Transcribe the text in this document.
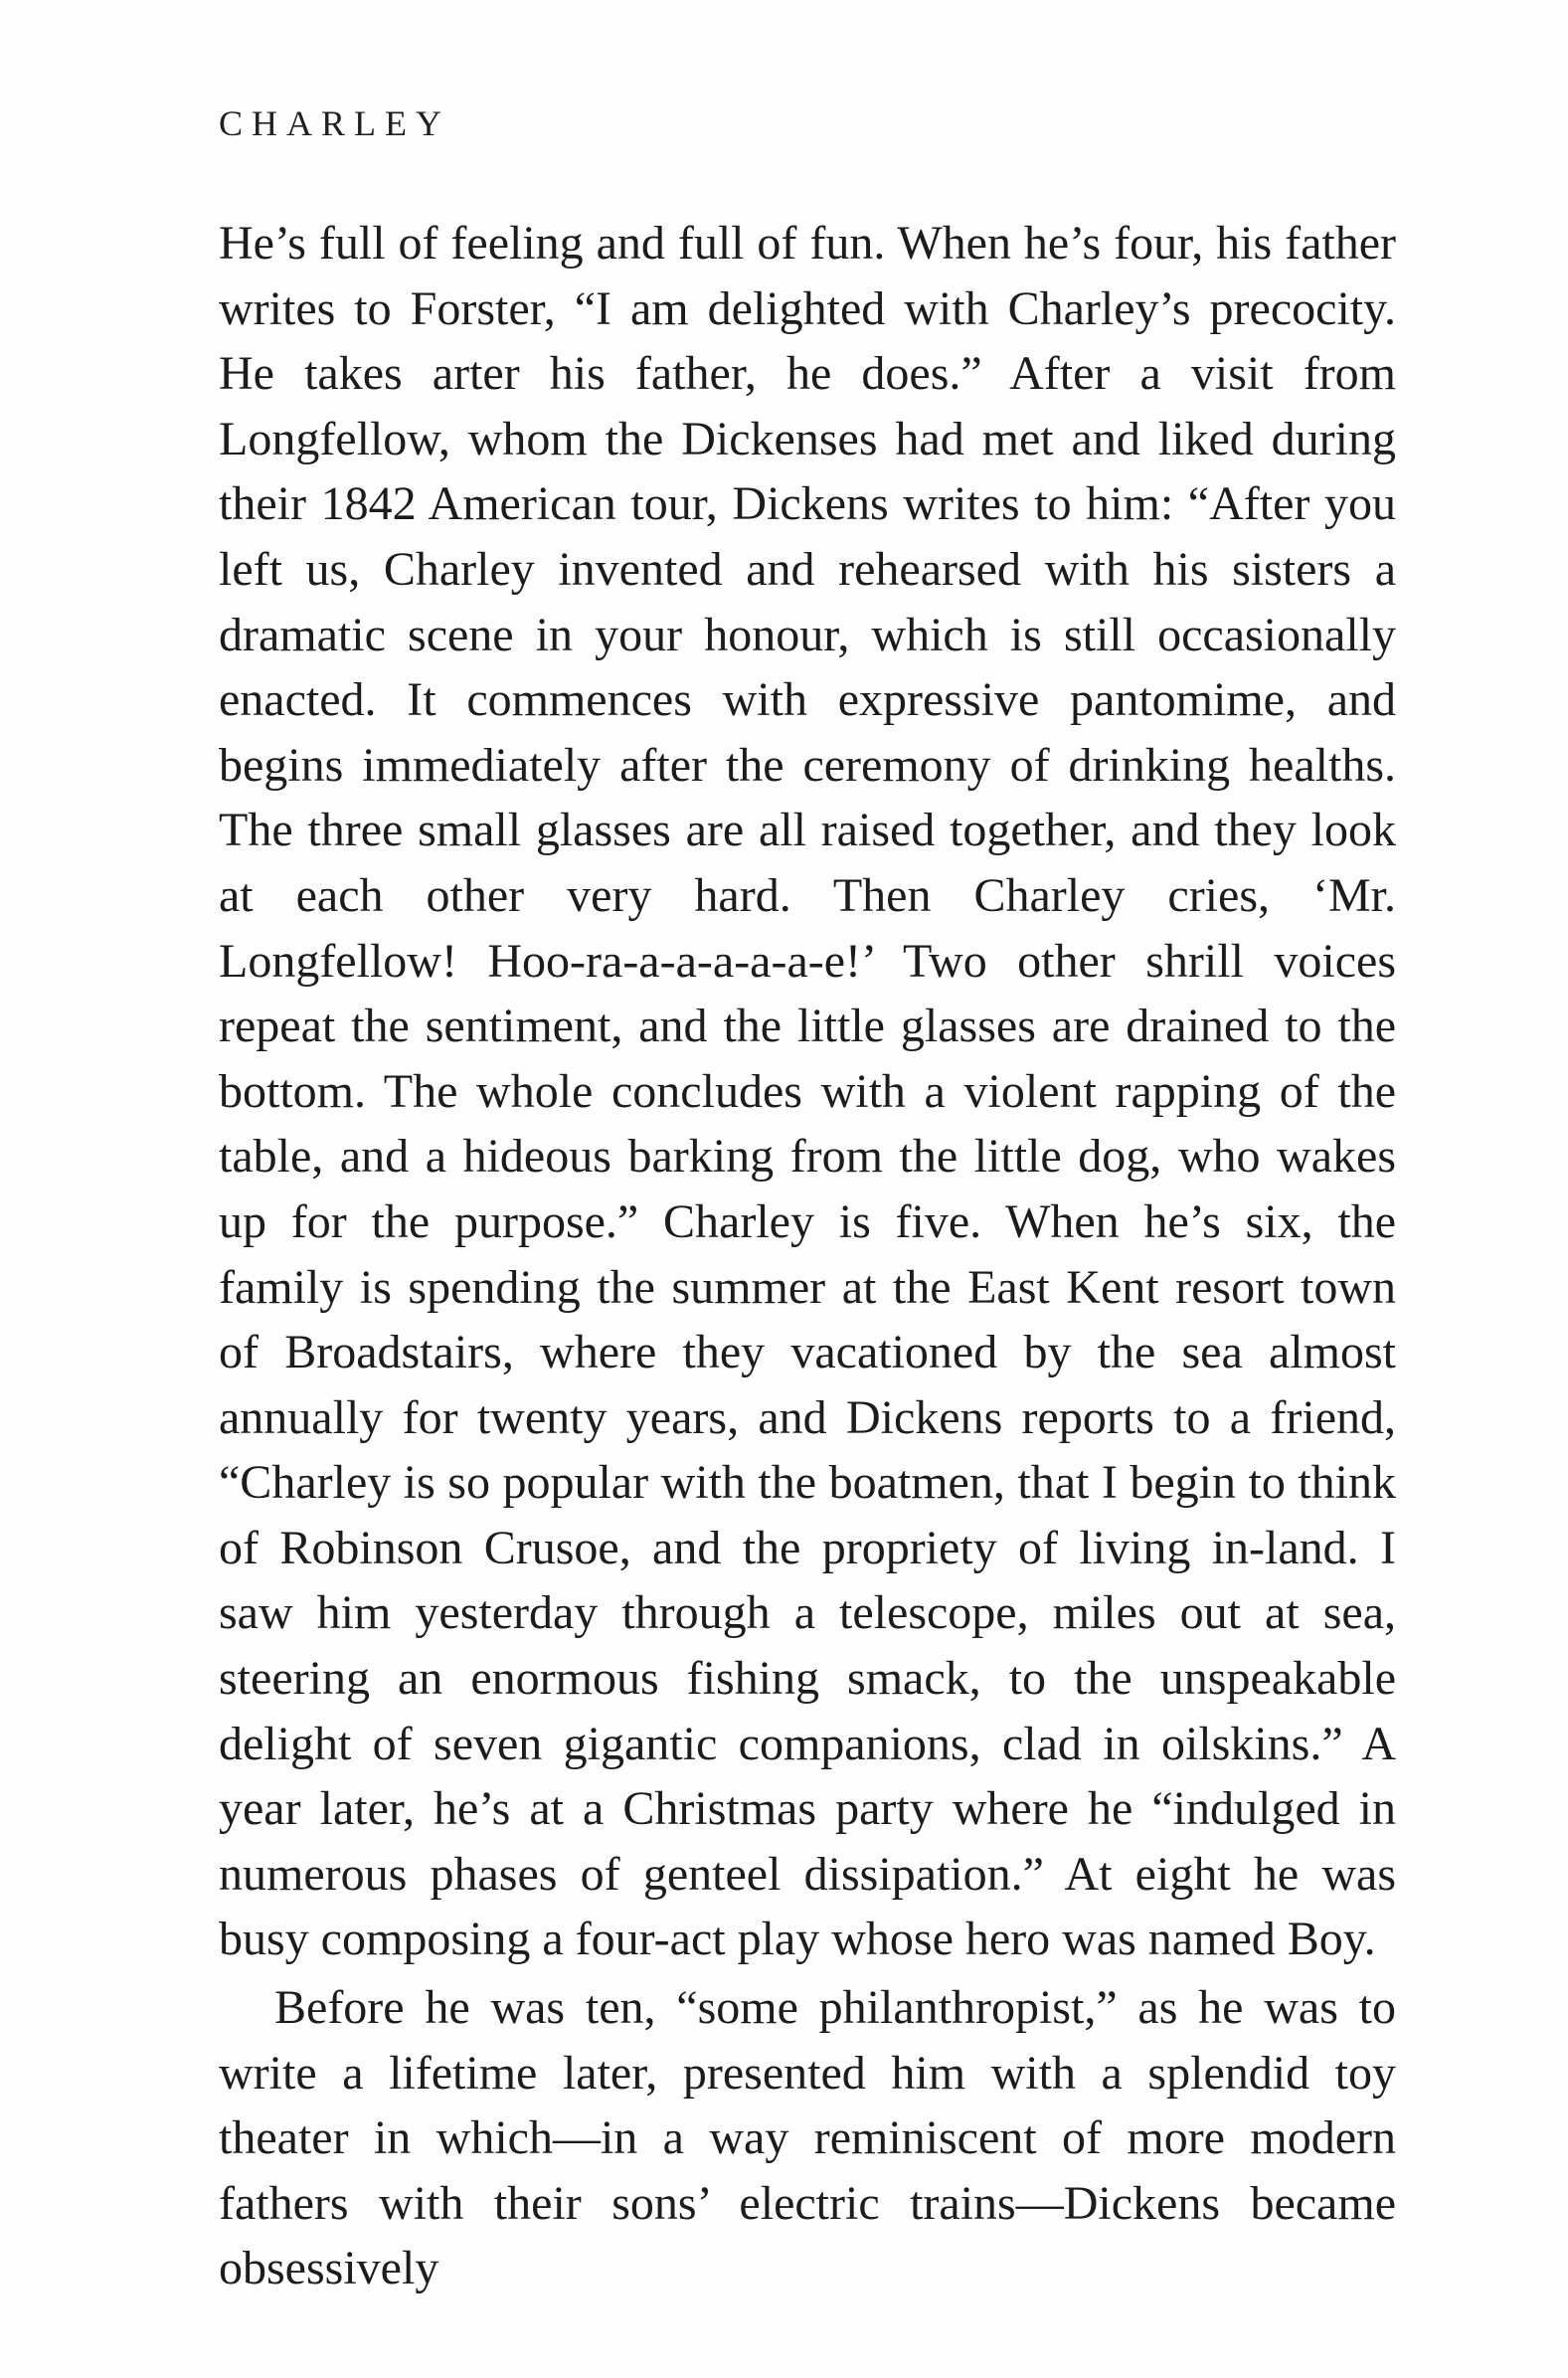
CHARLEY

He’s full of feeling and full of fun. When he’s four, his father writes to Forster, “I am delighted with Charley’s precocity. He takes arter his father, he does.” After a visit from Longfellow, whom the Dickenses had met and liked during their 1842 American tour, Dickens writes to him: “After you left us, Charley invented and rehearsed with his sisters a dramatic scene in your honour, which is still occasionally enacted. It commences with expressive pantomime, and begins immediately after the ceremony of drinking healths. The three small glasses are all raised together, and they look at each other very hard. Then Charley cries, ‘Mr. Longfellow! Hoo-ra-a-a-a-a-a-e!’ Two other shrill voices repeat the sentiment, and the little glasses are drained to the bottom. The whole concludes with a violent rapping of the table, and a hideous barking from the little dog, who wakes up for the purpose.” Charley is five. When he’s six, the family is spending the summer at the East Kent resort town of Broadstairs, where they vacationed by the sea almost annually for twenty years, and Dickens reports to a friend, “Charley is so popular with the boatmen, that I begin to think of Robinson Crusoe, and the propriety of living in-land. I saw him yesterday through a telescope, miles out at sea, steering an enormous fishing smack, to the unspeakable delight of seven gigantic companions, clad in oilskins.” A year later, he’s at a Christmas party where he “indulged in numerous phases of genteel dissipation.” At eight he was busy composing a four-act play whose hero was named Boy.

Before he was ten, “some philanthropist,” as he was to write a lifetime later, presented him with a splendid toy theater in which—in a way reminiscent of more modern fathers with their sons’ electric trains—Dickens became obsessively
